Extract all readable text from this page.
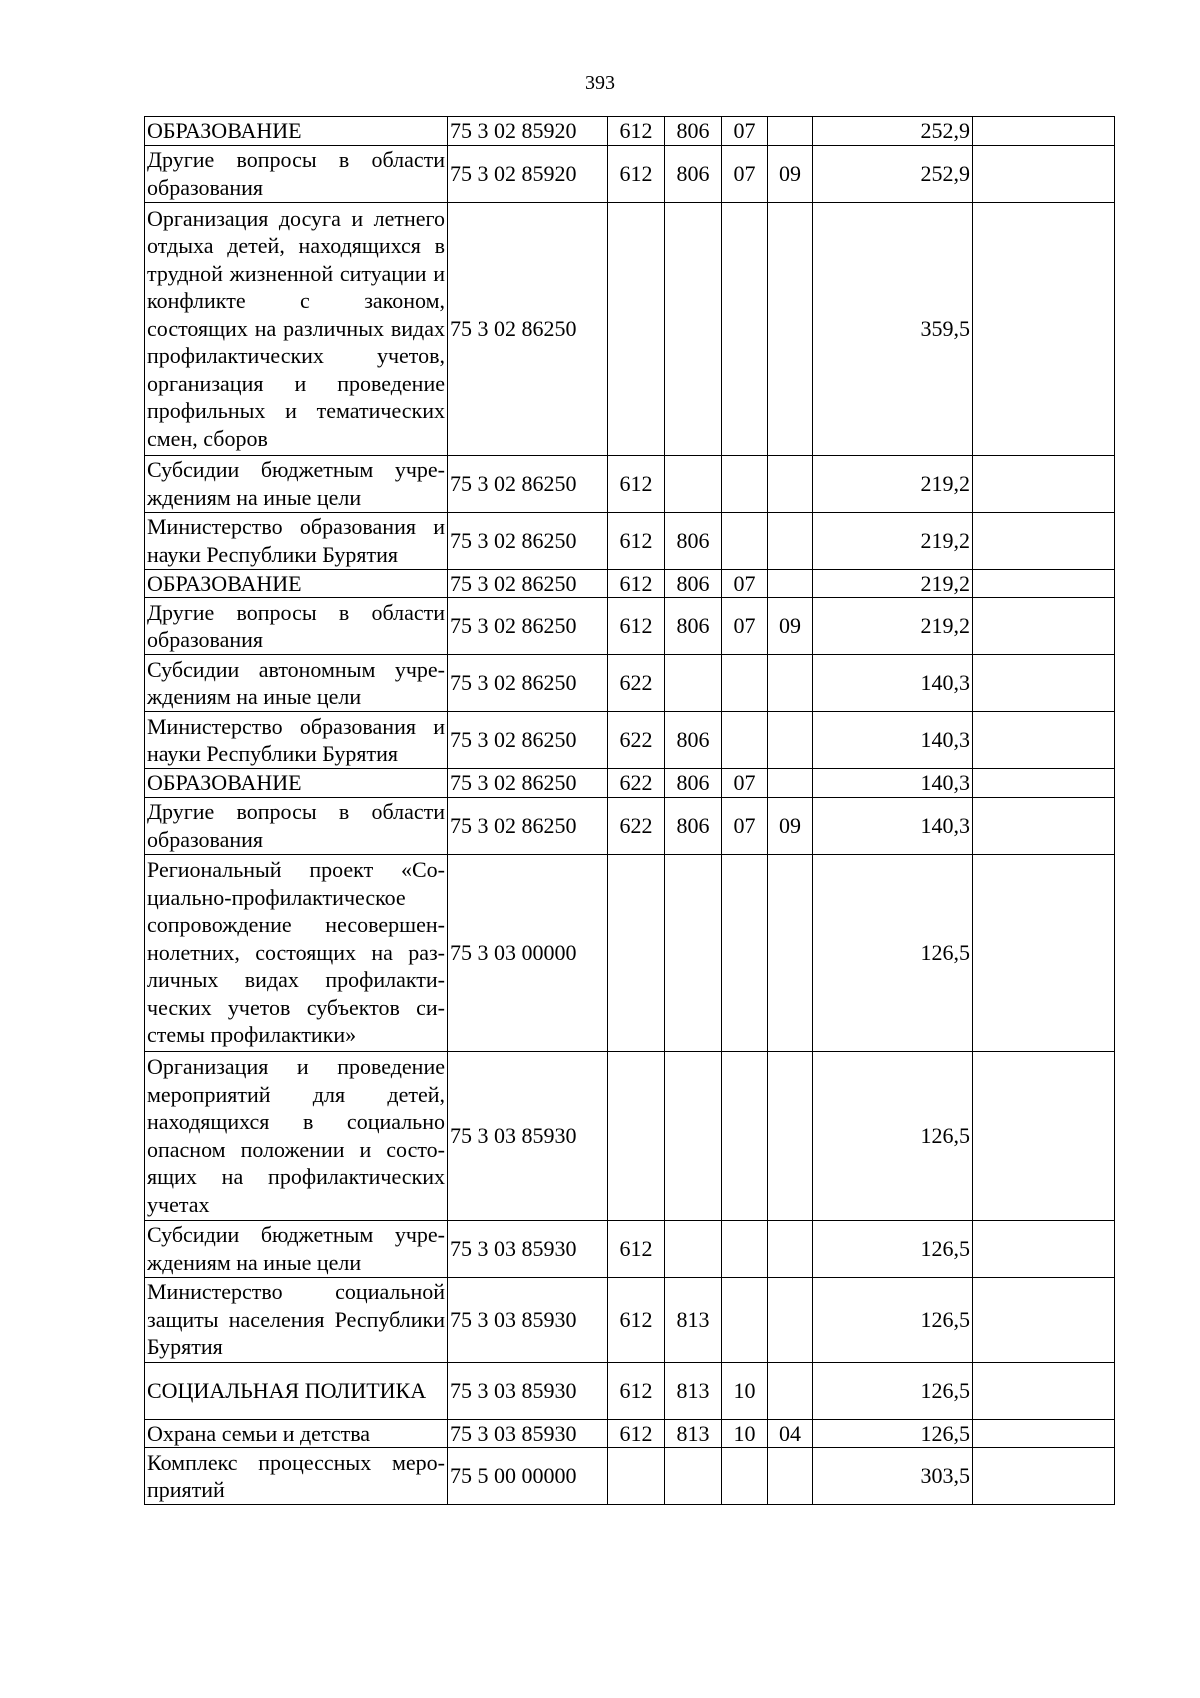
393
ОБРАЗОВАНИЕ	75 3 02 85920	612	806	07		252,9	
Другие вопросы в области образования	75 3 02 85920	612	806	07	09	252,9	
Организация досуга и летнего отдыха детей, находящихся в трудной жизненной ситуации и конфликте с законом, состоящих на различных видах профилактических учетов, организация и проведение профильных и тематических смен, сборов	75 3 02 86250					359,5	
Субсидии бюджетным учреждениям на иные цели	75 3 02 86250	612				219,2	
Министерство образования и науки Республики Бурятия	75 3 02 86250	612	806			219,2	
ОБРАЗОВАНИЕ	75 3 02 86250	612	806	07		219,2	
Другие вопросы в области образования	75 3 02 86250	612	806	07	09	219,2	
Субсидии автономным учреждениям на иные цели	75 3 02 86250	622				140,3	
Министерство образования и науки Республики Бурятия	75 3 02 86250	622	806			140,3	
ОБРАЗОВАНИЕ	75 3 02 86250	622	806	07		140,3	
Другие вопросы в области образования	75 3 02 86250	622	806	07	09	140,3	
Региональный проект «Социально-профилактическое сопровождение несовершеннолетних, состоящих на различных видах профилактических учетов субъектов системы профилактики»	75 3 03 00000					126,5	
Организация и проведение мероприятий для детей, находящихся в социально опасном положении и состоящих на профилактических учетах	75 3 03 85930					126,5	
Субсидии бюджетным учреждениям на иные цели	75 3 03 85930	612				126,5	
Министерство социальной защиты населения Республики Бурятия	75 3 03 85930	612	813			126,5	
СОЦИАЛЬНАЯ ПОЛИТИКА	75 3 03 85930	612	813	10		126,5	
Охрана семьи и детства	75 3 03 85930	612	813	10	04	126,5	
Комплекс процессных мероприятий	75 5 00 00000					303,5	
